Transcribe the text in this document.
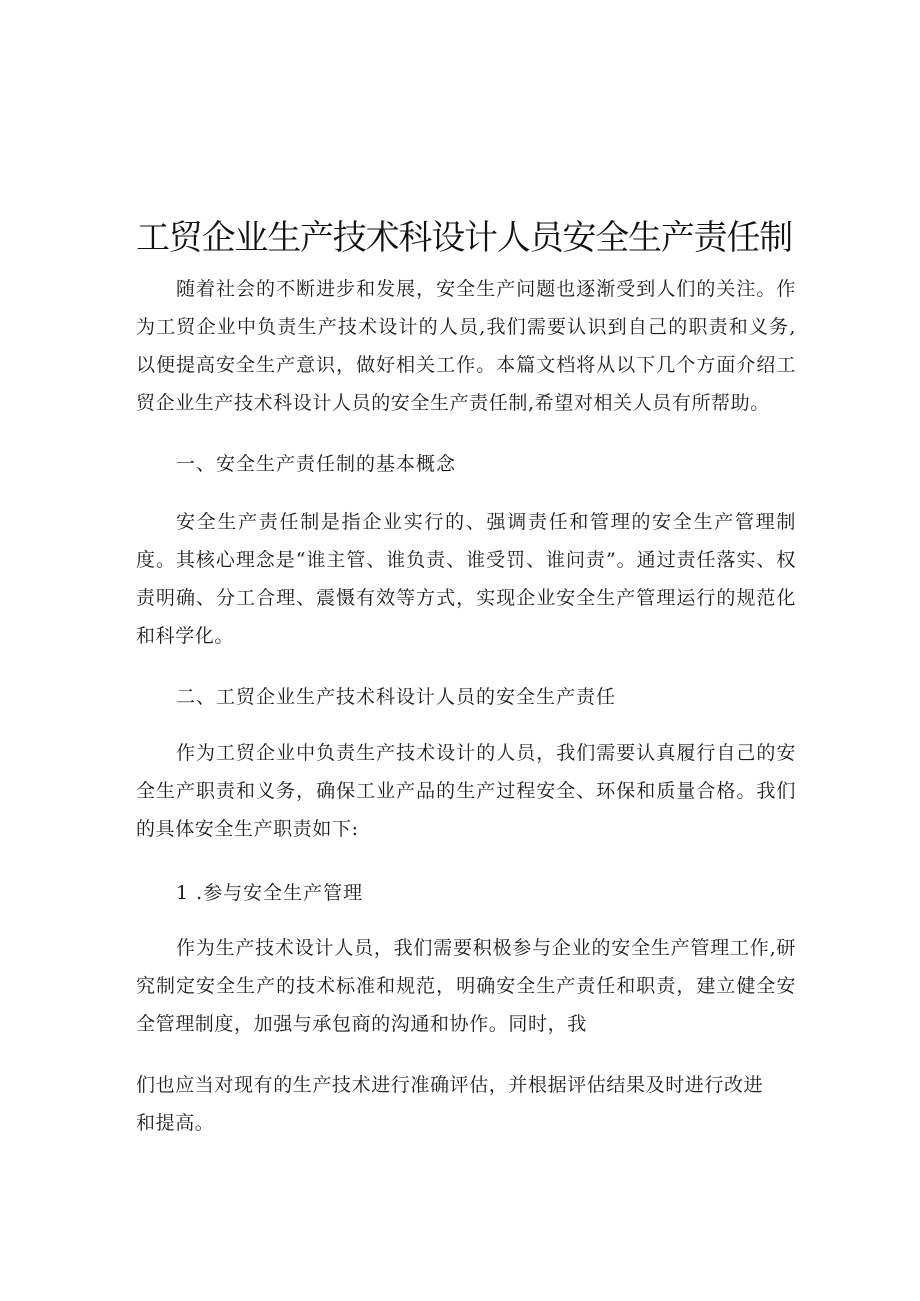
工贸企业生产技术科设计人员安全生产责任制

随着社会的不断进步和发展，安全生产问题也逐渐受到人们的关注。作为工贸企业中负责生产技术设计的人员,我们需要认识到自己的职责和义务,以便提高安全生产意识，做好相关工作。本篇文档将从以下几个方面介绍工贸企业生产技术科设计人员的安全生产责任制,希望对相关人员有所帮助。

一、安全生产责任制的基本概念

安全生产责任制是指企业实行的、强调责任和管理的安全生产管理制度。其核心理念是“谁主管、谁负责、谁受罚、谁问责”。通过责任落实、权责明确、分工合理、震慑有效等方式，实现企业安全生产管理运行的规范化和科学化。

二、工贸企业生产技术科设计人员的安全生产责任

作为工贸企业中负责生产技术设计的人员，我们需要认真履行自己的安全生产职责和义务，确保工业产品的生产过程安全、环保和质量合格。我们的具体安全生产职责如下:

1 .参与安全生产管理

作为生产技术设计人员，我们需要积极参与企业的安全生产管理工作,研究制定安全生产的技术标准和规范，明确安全生产责任和职责，建立健全安全管理制度，加强与承包商的沟通和协作。同时，我

们也应当对现有的生产技术进行准确评估，并根据评估结果及时进行改进

和提高。
